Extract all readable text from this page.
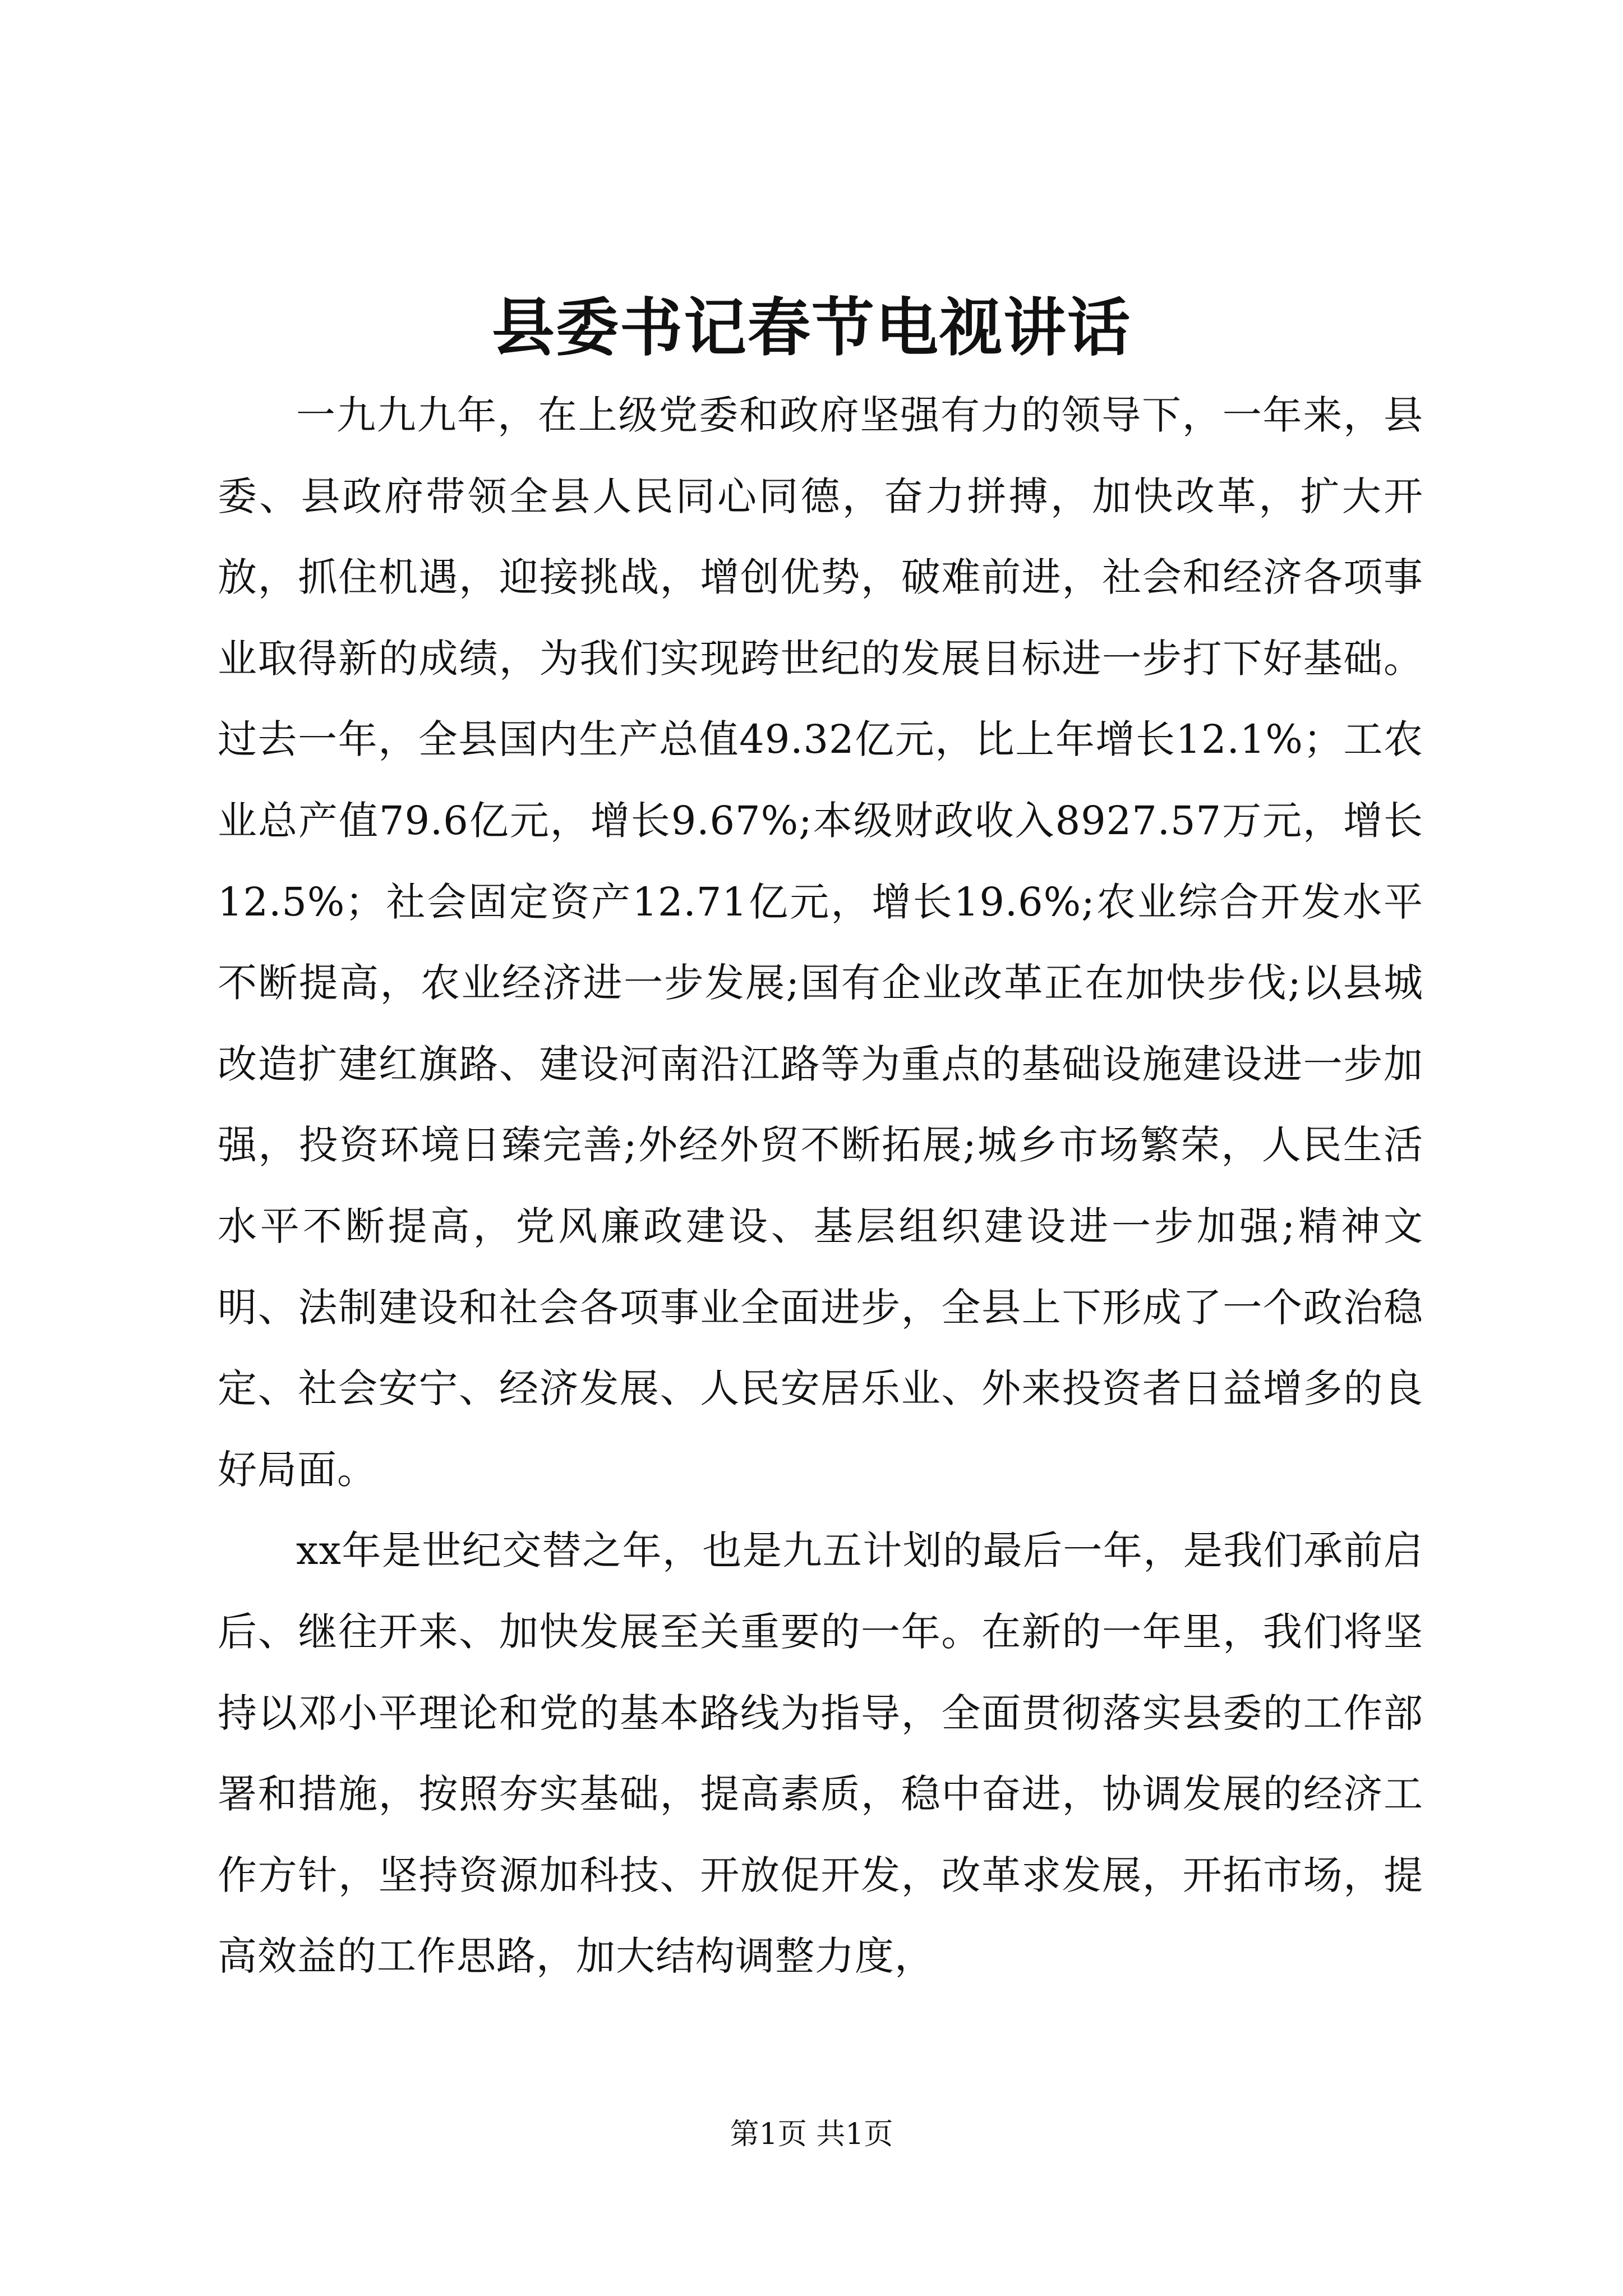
县委书记春节电视讲话

一九九九年，在上级党委和政府坚强有力的领导下，一年来，县委、县政府带领全县人民同心同德，奋力拼搏，加快改革，扩大开放，抓住机遇，迎接挑战，增创优势，破难前进，社会和经济各项事业取得新的成绩，为我们实现跨世纪的发展目标进一步打下好基础。过去一年，全县国内生产总值49.32亿元，比上年增长12.1%；工农业总产值79.6亿元，增长9.67%;本级财政收入8927.57万元，增长12.5%；社会固定资产12.71亿元，增长19.6%;农业综合开发水平不断提高，农业经济进一步发展;国有企业改革正在加快步伐;以县城改造扩建红旗路、建设河南沿江路等为重点的基础设施建设进一步加强，投资环境日臻完善;外经外贸不断拓展;城乡市场繁荣，人民生活水平不断提高，党风廉政建设、基层组织建设进一步加强;精神文明、法制建设和社会各项事业全面进步，全县上下形成了一个政治稳定、社会安宁、经济发展、人民安居乐业、外来投资者日益增多的良好局面。

xx年是世纪交替之年，也是九五计划的最后一年，是我们承前启后、继往开来、加快发展至关重要的一年。在新的一年里，我们将坚持以邓小平理论和党的基本路线为指导，全面贯彻落实县委的工作部署和措施，按照夯实基础，提高素质，稳中奋进，协调发展的经济工作方针，坚持资源加科技、开放促开发，改革求发展，开拓市场，提高效益的工作思路，加大结构调整力度，

第1页 共1页
